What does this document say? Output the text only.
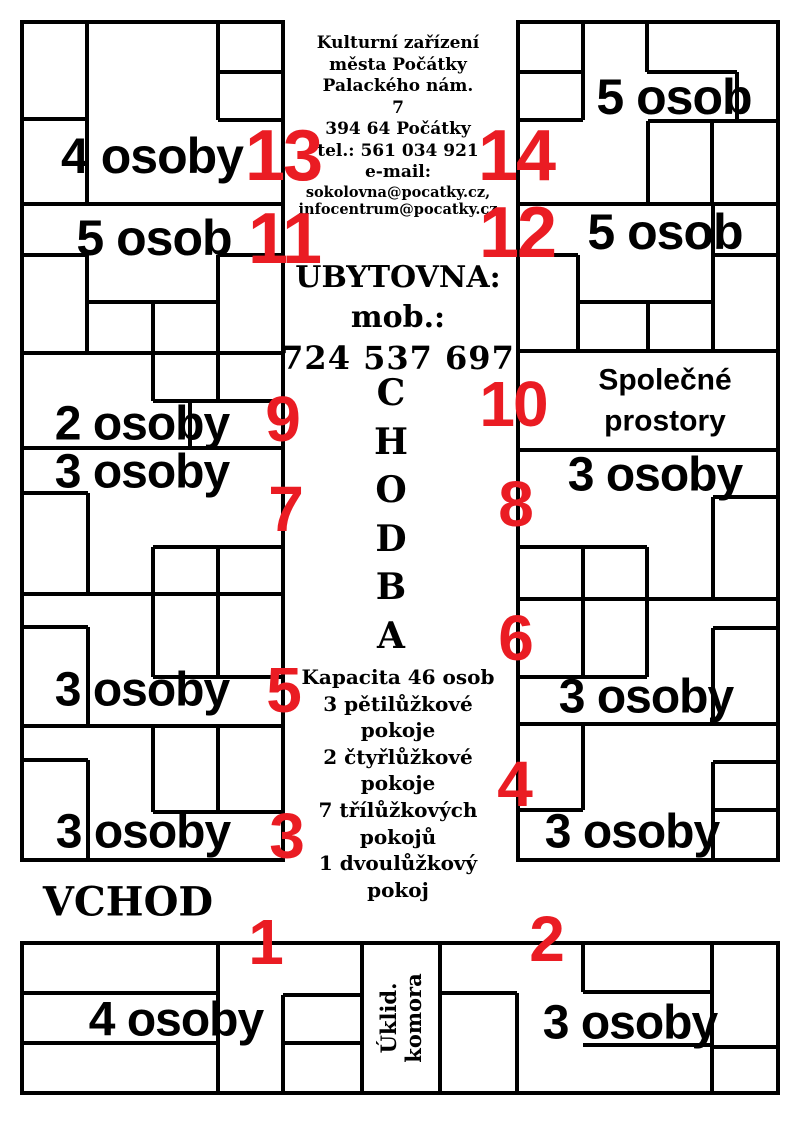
Kulturní zařízení
města Počátky
Palackého nám.
7
394 64 Počátky
tel.: 561 034 921
e-mail:
sokolovna@pocatky.cz,
infocentrum@pocatky.cz
UBYTOVNA:
mob.:
724 537 697
C
H
O
D
B
A
Kapacita 46 osob
3 pětilůžkové
pokoje
2 čtyřlůžkové
pokoje
7 třílůžkových
pokojů
1 dvoulůžkový
pokoj
4 osoby
5 osob
5 osob	5 osob
2 osoby
Společné prostory
3 osoby	3 osoby
3 osoby	3 osoby
3 osoby	3 osoby
4 osoby	3 osoby
13 14
11 12
9	10
7	8
5
6
3
4
1	2
VCHOD
Úklid. komora
